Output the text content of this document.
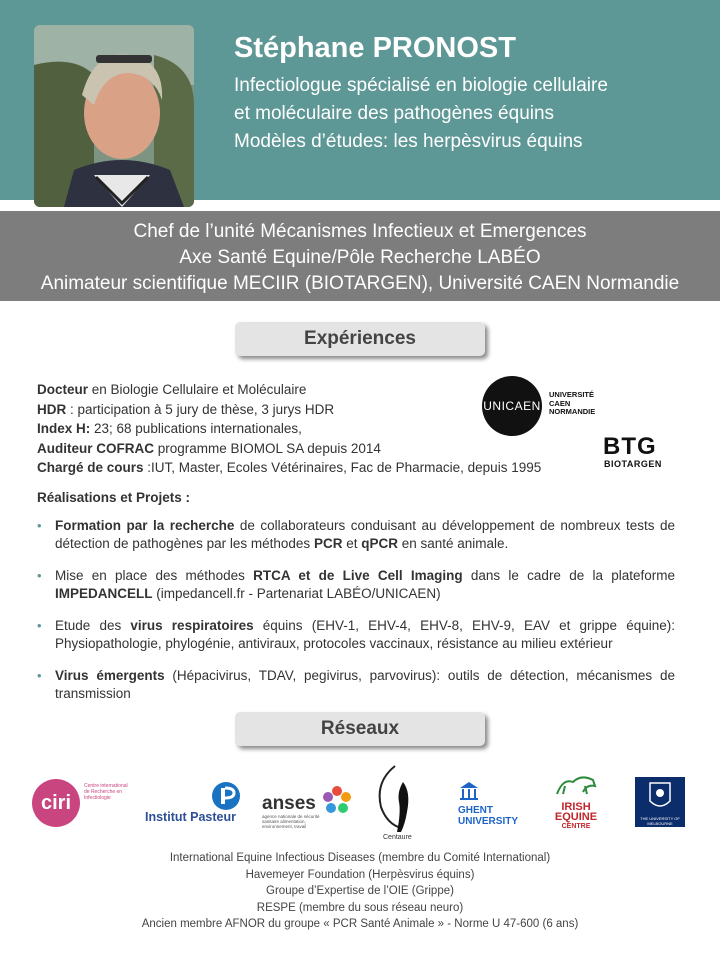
Stéphane PRONOST
Infectiologue spécialisé en biologie cellulaire
et moléculaire des pathogènes équins
Modèles d’études: les herpèsvirus équins
Chef de l’unité Mécanismes Infectieux et Emergences
Axe Santé Equine/Pôle Recherche LABÉO
Animateur scientifique MECIIR (BIOTARGEN), Université CAEN Normandie
Expériences
Docteur en Biologie Cellulaire et Moléculaire
HDR : participation à 5 jury de thèse, 3 jurys HDR
Index H: 23; 68 publications internationales,
Auditeur COFRAC programme BIOMOL SA depuis 2014
Chargé de cours :IUT, Master, Ecoles Vétérinaires, Fac de Pharmacie, depuis 1995
UNICAEN
UNIVERSITÉ
CAEN
NORMANDIE
BTG
BIOTARGEN
Réalisations et Projets :
• Formation par la recherche de collaborateurs conduisant au développement de nombreux tests de détection de pathogènes par les méthodes PCR et qPCR en santé animale.
• Mise en place des méthodes RTCA et de Live Cell Imaging dans le cadre de la plateforme IMPEDANCELL (impedancell.fr - Partenariat LABÉO/UNICAEN)
• Etude des virus respiratoires équins (EHV-1, EHV-4, EHV-8, EHV-9, EAV et grippe équine): Physiopathologie, phylogénie, antiviraux, protocoles vaccinaux, résistance au milieu extérieur
• Virus émergents (Hépacivirus, TDAV, pegivirus, parvovirus): outils de détection, mécanismes de transmission
Réseaux
ciri
Centre international de Recherche en Infectiologie
Institut Pasteur
anses
agence nationale de sécurité sanitaire alimentation, environnement, travail
Centaure
GHENT
UNIVERSITY
IRISH
EQUINE
CENTRE
THE UNIVERSITY OF MELBOURNE
International Equine Infectious Diseases (membre du Comité International)
Havemeyer Foundation (Herpèsvirus équins)
Groupe d’Expertise de l’OIE (Grippe)
RESPE (membre du sous réseau neuro)
Ancien membre AFNOR du groupe « PCR Santé Animale » - Norme U 47-600 (6 ans)
